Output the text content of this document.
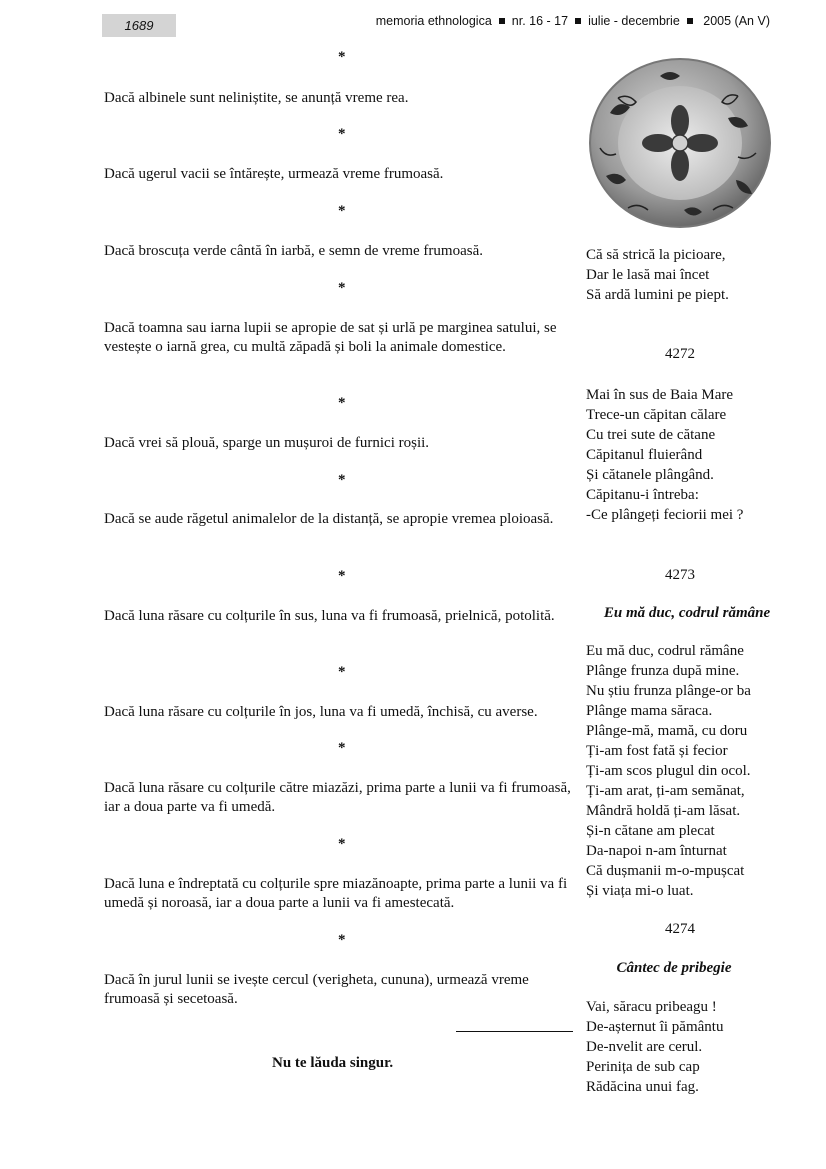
1689	memoria ethnologica nr. 16 - 17 iulie - decembrie 2005 (An V)
*
Dacă albinele sunt neliniștite, se anunță vreme rea.
*
Dacă ugerul vacii se întărește, urmează vreme frumoasă.
*
Dacă broscuța verde cântă în iarbă, e semn de vreme frumoasă.
*
Dacă toamna sau iarna lupii se apropie de sat și urlă pe marginea satului, se vestește o iarnă grea, cu multă zăpadă și boli la animale domestice.
*
Dacă vrei să plouă, sparge un mușuroi de furnici roșii.
*
Dacă se aude răgetul animalelor de la distanță, se apropie vremea ploioasă.
*
Dacă luna răsare cu colțurile în sus, luna va fi frumoasă, prielnică, potolită.
*
Dacă luna răsare cu colțurile în jos, luna va fi umedă, închisă, cu averse.
*
Dacă luna răsare cu colțurile către miazăzi, prima parte a lunii va fi frumoasă, iar a doua parte va fi umedă.
*
Dacă luna e îndreptată cu colțurile spre miazănoapte, prima parte a lunii va fi umedă și noroasă, iar a doua parte a lunii va fi amestecată.
*
Dacă în jurul lunii se ivește cercul (verigheta, cununa), urmează vreme frumoasă și secetoasă.
Nu te lăuda singur.
Că să strică la picioare,
Dar le lasă mai încet
Să ardă lumini pe piept.
4272
Mai în sus de Baia Mare
Trece-un căpitan călare
Cu trei sute de cătane
Căpitanul fluierând
Și cătanele plângând.
Căpitanu-i întreba:
-Ce plângeți feciorii mei ?
4273
Eu mă duc, codrul rămâne
Eu mă duc, codrul rămâne
Plânge frunza după mine.
Nu știu frunza plânge-or ba
Plânge mama săraca.
Plânge-mă, mamă, cu doru
Ți-am fost fată și fecior
Ți-am scos plugul din ocol.
Ți-am arat, ți-am semănat,
Mândră holdă ți-am lăsat.
Și-n cătane am plecat
Da-napoi n-am înturnat
Că dușmanii m-o-mpușcat
Și viața mi-o luat.
4274
Cântec de pribegie
Vai, săracu pribeagu !
De-așternut îi pământu
De-nvelit are cerul.
Perinița de sub cap
Rădăcina unui fag.
